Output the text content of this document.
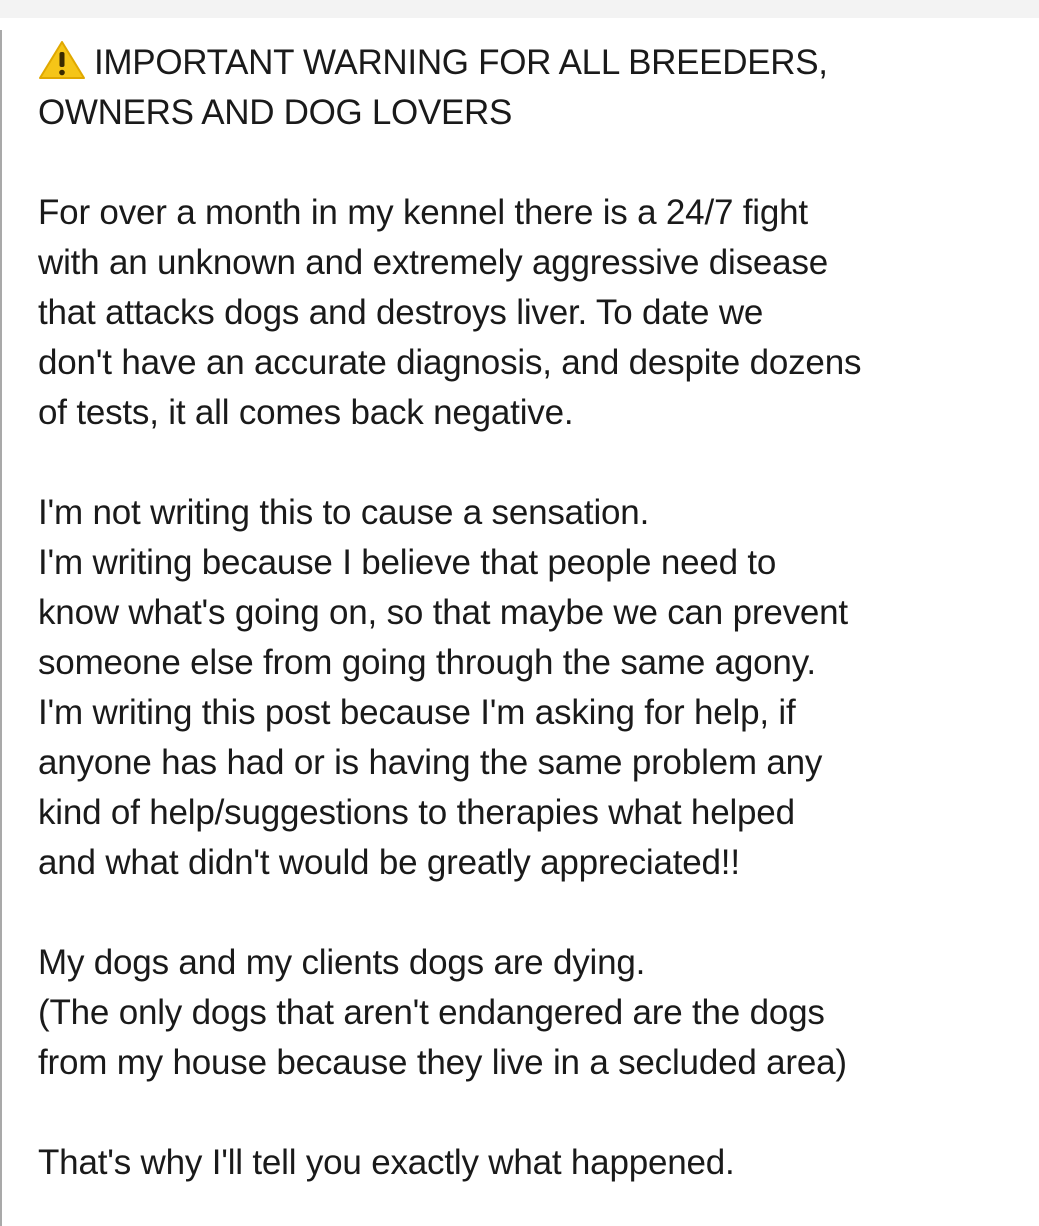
IMPORTANT WARNING FOR ALL BREEDERS,
OWNERS AND DOG LOVERS

For over a month in my kennel there is a 24/7 fight
with an unknown and extremely aggressive disease
that attacks dogs and destroys liver. To date we
don't have an accurate diagnosis, and despite dozens
of tests, it all comes back negative.

I'm not writing this to cause a sensation.
I'm writing because I believe that people need to
know what's going on, so that maybe we can prevent
someone else from going through the same agony.
I'm writing this post because I'm asking for help, if
anyone has had or is having the same problem any
kind of help/suggestions to therapies what helped
and what didn't would be greatly appreciated!!

My dogs and my clients dogs are dying.
(The only dogs that aren't endangered are the dogs
from my house because they live in a secluded area)

That's why I'll tell you exactly what happened.
